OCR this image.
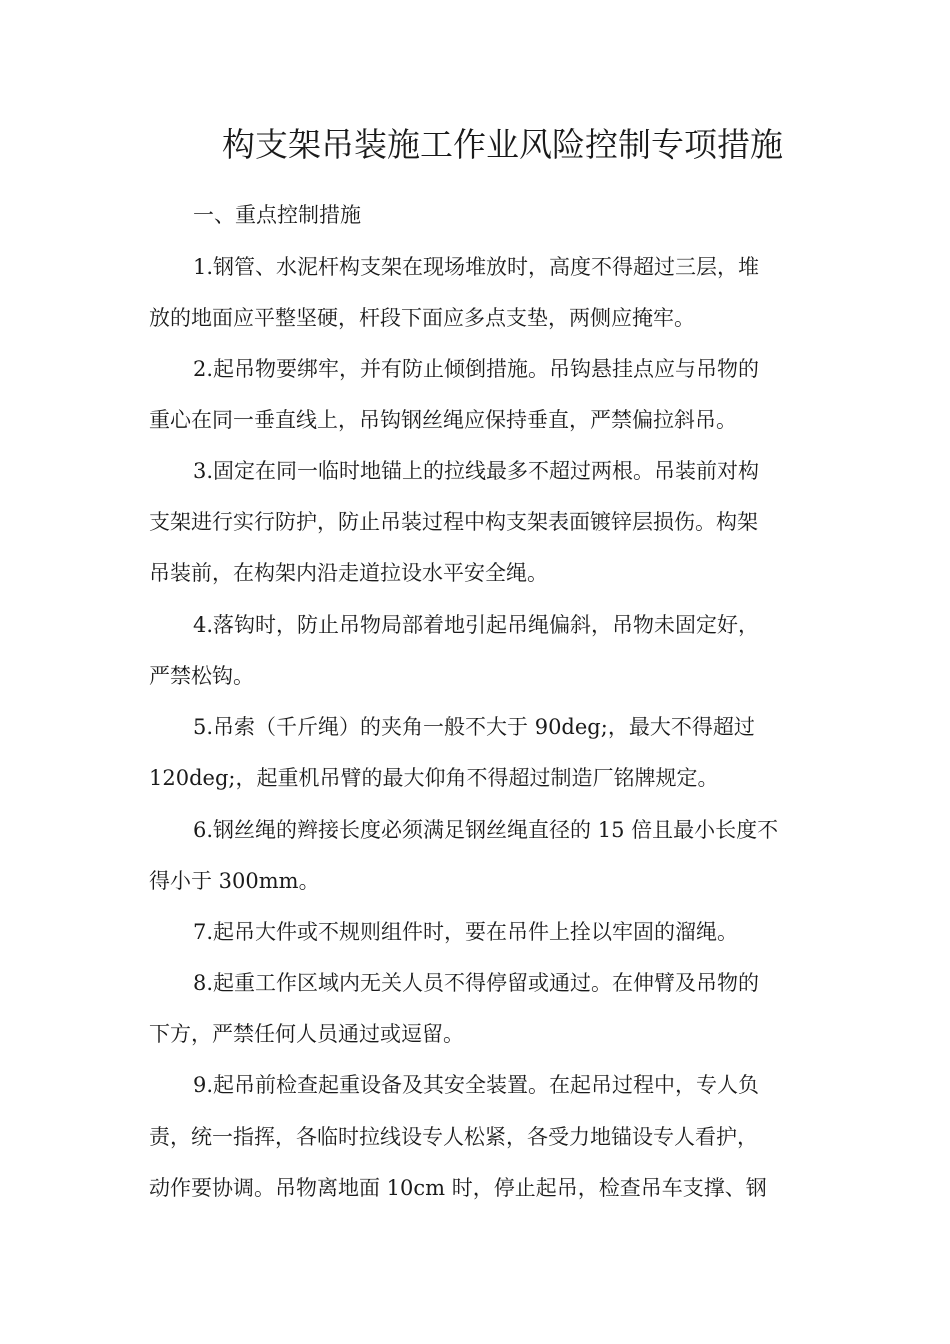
构支架吊装施工作业风险控制专项措施

一、重点控制措施

1.钢管、水泥杆构支架在现场堆放时，高度不得超过三层，堆

放的地面应平整坚硬，杆段下面应多点支垫，两侧应掩牢。

2.起吊物要绑牢，并有防止倾倒措施。吊钩悬挂点应与吊物的

重心在同一垂直线上，吊钩钢丝绳应保持垂直，严禁偏拉斜吊。

3.固定在同一临时地锚上的拉线最多不超过两根。吊装前对构

支架进行实行防护，防止吊装过程中构支架表面镀锌层损伤。构架

吊装前，在构架内沿走道拉设水平安全绳。

4.落钩时，防止吊物局部着地引起吊绳偏斜，吊物未固定好，

严禁松钩。

5.吊索（千斤绳）的夹角一般不大于 90deg;，最大不得超过

120deg;，起重机吊臂的最大仰角不得超过制造厂铭牌规定。

6.钢丝绳的辫接长度必须满足钢丝绳直径的 15 倍且最小长度不

得小于 300mm。

7.起吊大件或不规则组件时，要在吊件上拴以牢固的溜绳。

8.起重工作区域内无关人员不得停留或通过。在伸臂及吊物的

下方，严禁任何人员通过或逗留。

9.起吊前检查起重设备及其安全装置。在起吊过程中，专人负

责，统一指挥，各临时拉线设专人松紧，各受力地锚设专人看护，

动作要协调。吊物离地面 10cm 时，停止起吊，检查吊车支撑、钢
